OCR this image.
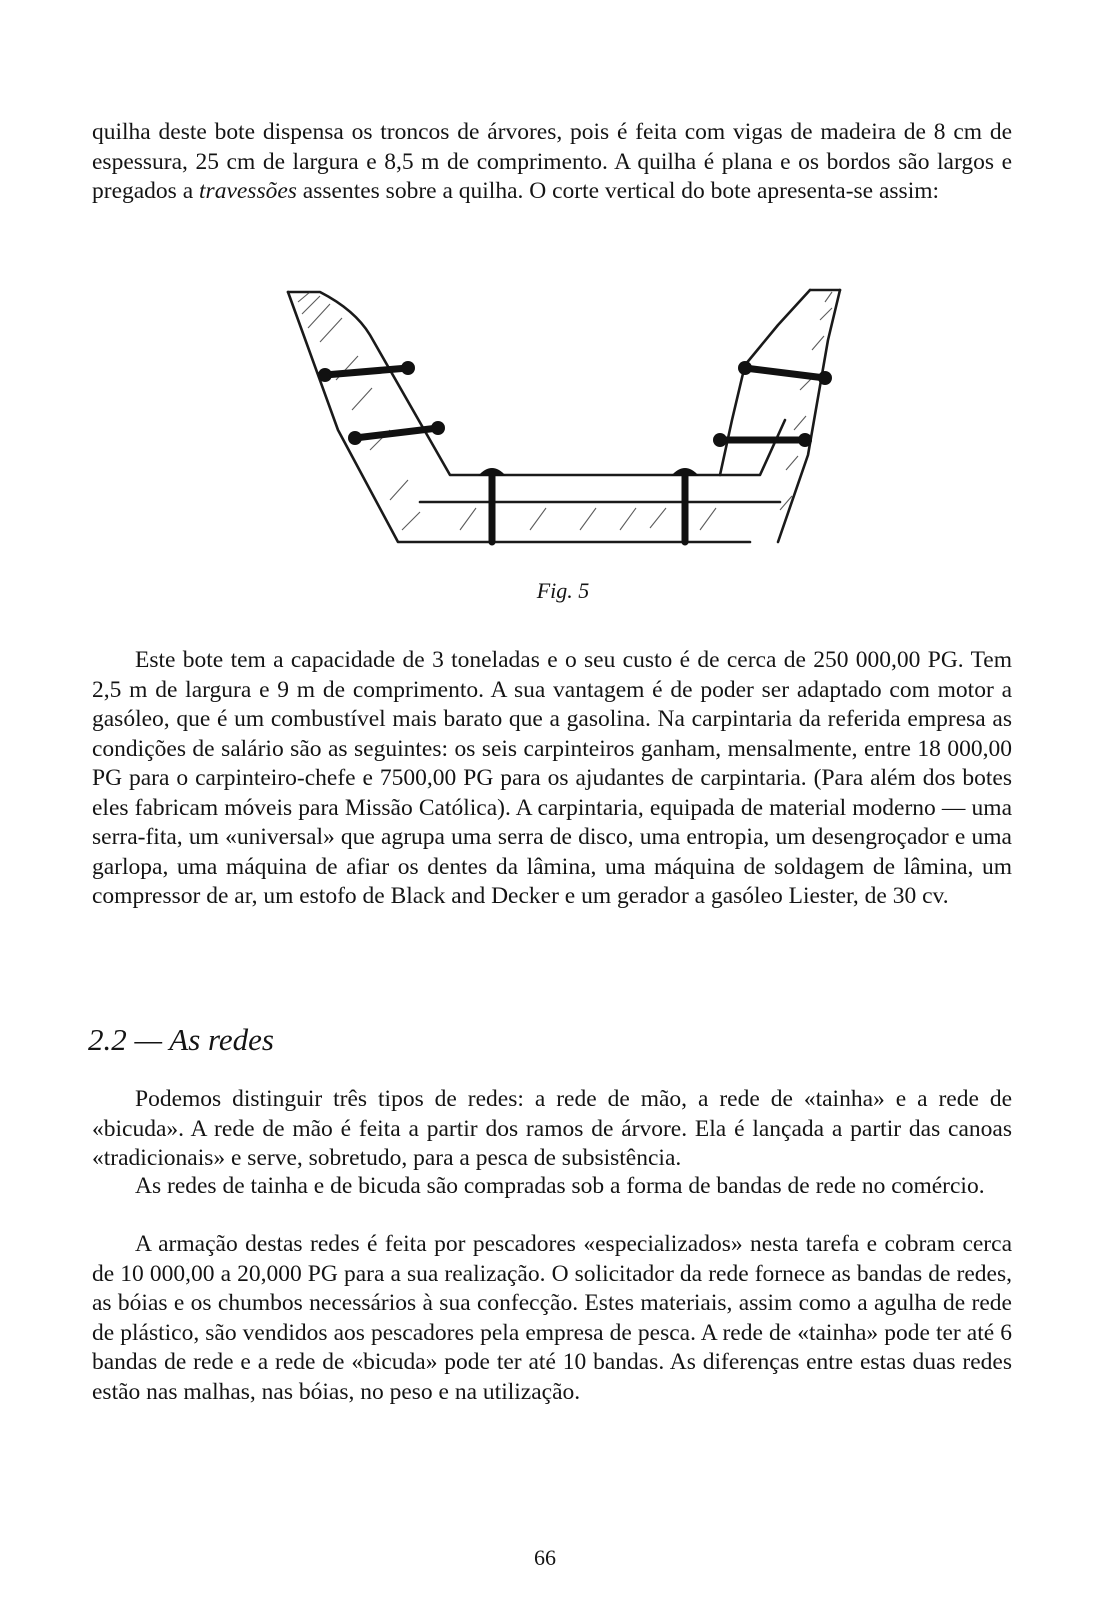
quilha deste bote dispensa os troncos de árvores, pois é feita com vigas de madeira de 8 cm de espessura, 25 cm de largura e 8,5 m de comprimento. A quilha é plana e os bordos são largos e pregados a travessões assentes sobre a quilha. O corte vertical do bote apresenta-se assim:

Fig. 5

Este bote tem a capacidade de 3 toneladas e o seu custo é de cerca de 250 000,00 PG. Tem 2,5 m de largura e 9 m de comprimento. A sua vantagem é de poder ser adaptado com motor a gasóleo, que é um combustível mais barato que a gasolina. Na carpintaria da referida empresa as condições de salário são as seguintes: os seis carpinteiros ganham, mensalmente, entre 18 000,00 PG para o carpinteiro-chefe e 7500,00 PG para os ajudantes de carpintaria. (Para além dos botes eles fabricam móveis para Missão Católica). A carpintaria, equipada de material moderno — uma serra-fita, um «universal» que agrupa uma serra de disco, uma entropia, um desengroçador e uma garlopa, uma máquina de afiar os dentes da lâmina, uma máquina de soldagem de lâmina, um compressor de ar, um estofo de Black and Decker e um gerador a gasóleo Liester, de 30 cv.

2.2 — As redes

Podemos distinguir três tipos de redes: a rede de mão, a rede de «tainha» e a rede de «bicuda». A rede de mão é feita a partir dos ramos de árvore. Ela é lançada a partir das canoas «tradicionais» e serve, sobretudo, para a pesca de subsistência.

As redes de tainha e de bicuda são compradas sob a forma de bandas de rede no comércio.

A armação destas redes é feita por pescadores «especializados» nesta tarefa e cobram cerca de 10 000,00 a 20,000 PG para a sua realização. O solicitador da rede fornece as bandas de redes, as bóias e os chumbos necessários à sua confecção. Estes materiais, assim como a agulha de rede de plástico, são vendidos aos pescadores pela empresa de pesca. A rede de «tainha» pode ter até 6 bandas de rede e a rede de «bicuda» pode ter até 10 bandas. As diferenças entre estas duas redes estão nas malhas, nas bóias, no peso e na utilização.

66
